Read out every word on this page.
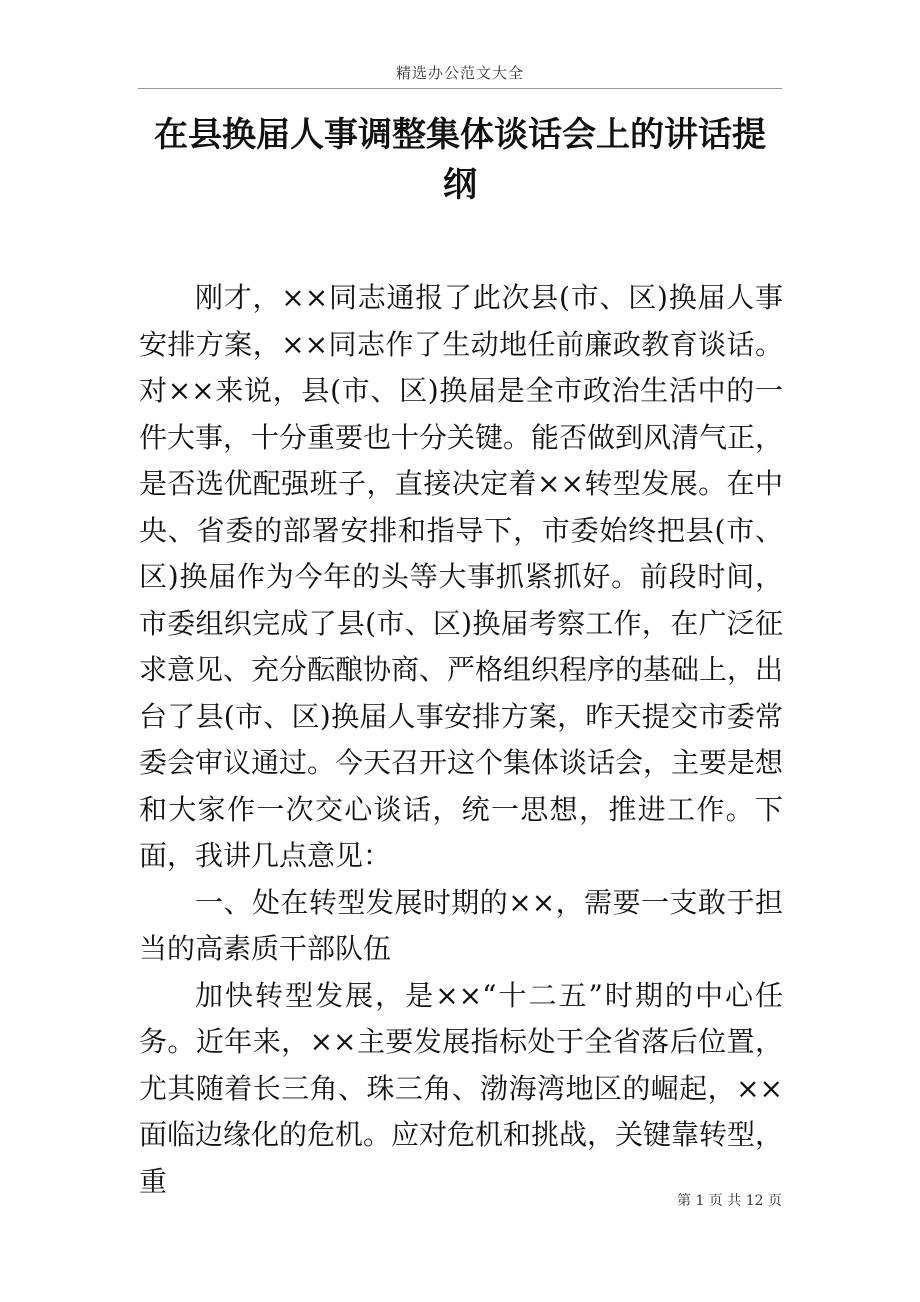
精选办公范文大全
在县换届人事调整集体谈话会上的讲话提纲

刚才，××同志通报了此次县(市、区)换届人事安排方案，××同志作了生动地任前廉政教育谈话。对××来说，县(市、区)换届是全市政治生活中的一件大事，十分重要也十分关键。能否做到风清气正，是否选优配强班子，直接决定着××转型发展。在中央、省委的部署安排和指导下，市委始终把县(市、区)换届作为今年的头等大事抓紧抓好。前段时间，市委组织完成了县(市、区)换届考察工作，在广泛征求意见、充分酝酿协商、严格组织程序的基础上，出台了县(市、区)换届人事安排方案，昨天提交市委常委会审议通过。今天召开这个集体谈话会，主要是想和大家作一次交心谈话，统一思想，推进工作。下面，我讲几点意见：

一、处在转型发展时期的××，需要一支敢于担当的高素质干部队伍

加快转型发展，是××“十二五”时期的中心任务。近年来，××主要发展指标处于全省落后位置，尤其随着长三角、珠三角、渤海湾地区的崛起，××面临边缘化的危机。应对危机和挑战，关键靠转型，重

第 1 页 共 12 页
